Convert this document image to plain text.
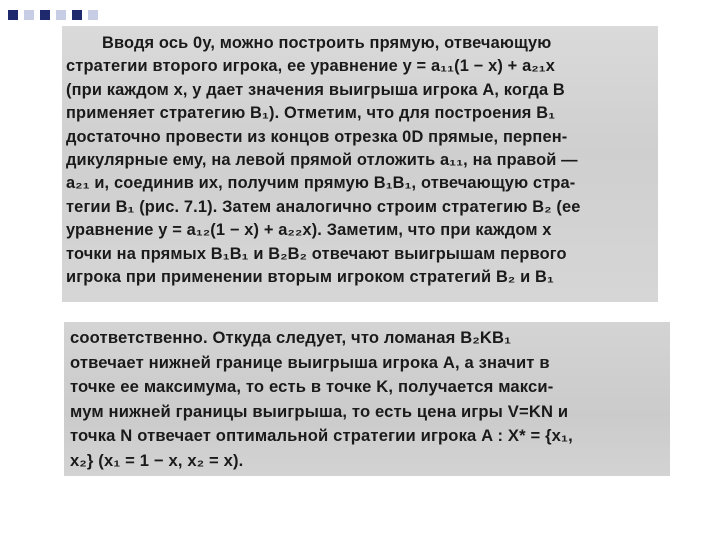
Вводя ось 0у, можно построить прямую, отвечающую
стратегии второго игрока, ее уравнение y = a₁₁(1 − x) + a₂₁x
(при каждом x, у дает значения выигрыша игрока A, когда B
применяет стратегию B₁). Отметим, что для построения B₁
достаточно провести из концов отрезка 0D прямые, перпен-
дикулярные ему, на левой прямой отложить a₁₁, на правой —
a₂₁ и, соединив их, получим прямую B₁B₁, отвечающую стра-
тегии B₁ (рис. 7.1). Затем аналогично строим стратегию B₂ (ее
уравнение y = a₁₂(1 − x) + a₂₂x). Заметим, что при каждом x
точки на прямых B₁B₁ и B₂B₂ отвечают выигрышам первого
игрока при применении вторым игроком стратегий B₂ и B₁
соответственно. Откуда следует, что ломаная B₂KB₁
отвечает нижней границе выигрыша игрока A, а значит в
точке ее максимума, то есть в точке K, получается макси-
мум нижней границы выигрыша, то есть цена игры V=KN и
точка N отвечает оптимальной стратегии игрока A : X* = {x₁,
x₂} (x₁ = 1 − x, x₂ = x).
